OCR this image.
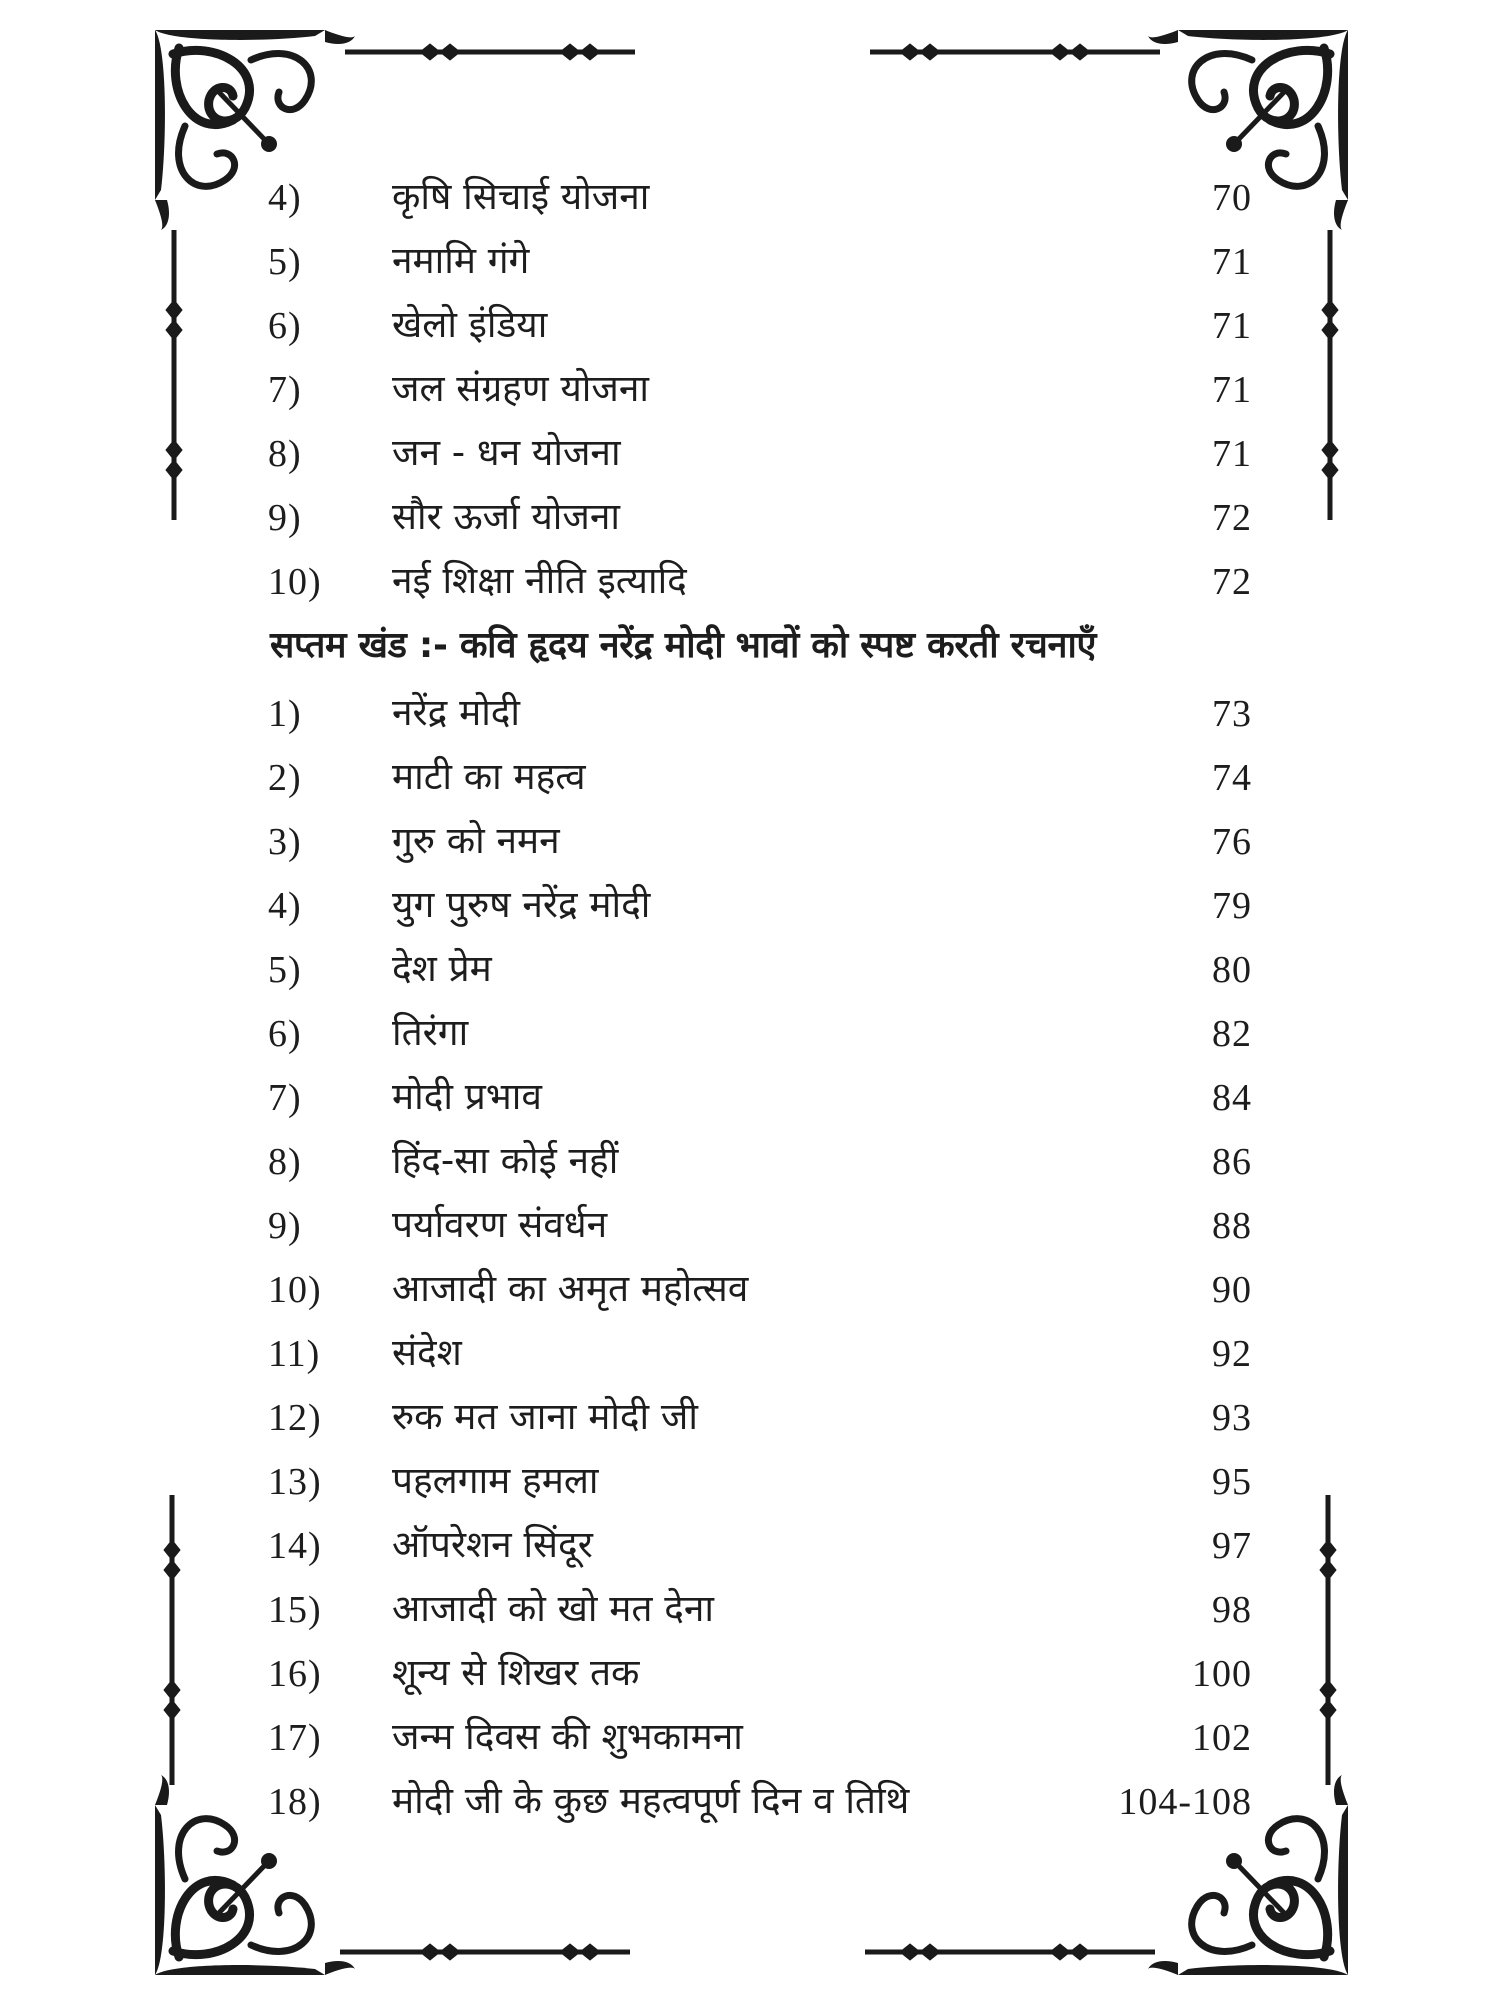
4)	कृषि सिचाई योजना	70
5)	नमामि गंगे	71
6)	खेलो इंडिया	71
7)	जल संग्रहण योजना	71
8)	जन - धन योजना	71
9)	सौर ऊर्जा योजना	72
10)	नई शिक्षा नीति इत्यादि	72
सप्तम खंड :- कवि हृदय नरेंद्र मोदी भावों को स्पष्ट करती रचनाएँ
1)	नरेंद्र मोदी	73
2)	माटी का महत्व	74
3)	गुरु को नमन	76
4)	युग पुरुष नरेंद्र मोदी	79
5)	देश प्रेम	80
6)	तिरंगा	82
7)	मोदी प्रभाव	84
8)	हिंद-सा कोई नहीं	86
9)	पर्यावरण संवर्धन	88
10)	आजादी का अमृत महोत्सव	90
11)	संदेश	92
12)	रुक मत जाना मोदी जी	93
13)	पहलगाम हमला	95
14)	ऑपरेशन सिंदूर	97
15)	आजादी को खो मत देना	98
16)	शून्य से शिखर तक	100
17)	जन्म दिवस की शुभकामना	102
18)	मोदी जी के कुछ महत्वपूर्ण दिन व तिथि	104-108
